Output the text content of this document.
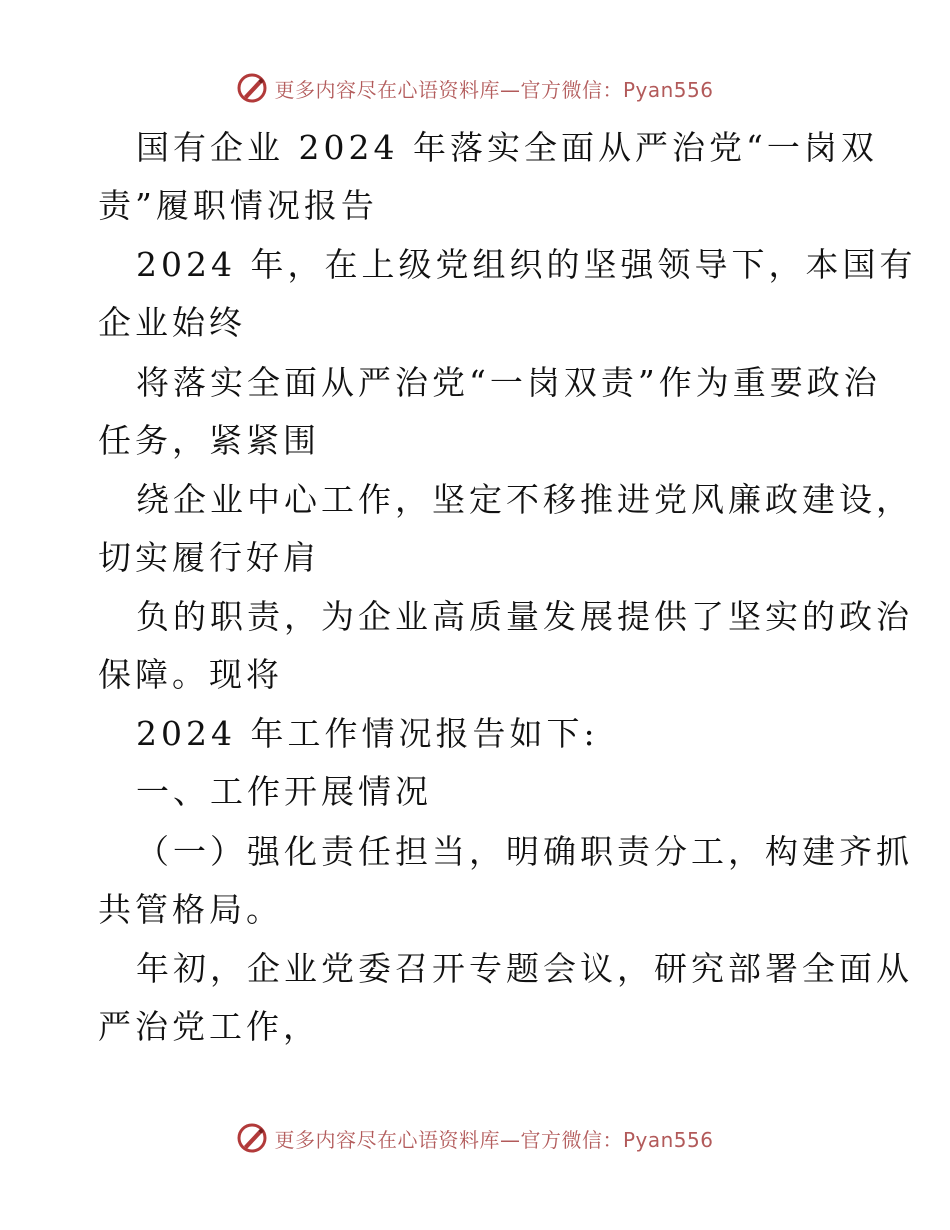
更多内容尽在心语资料库—官方微信：Pyan556
国有企业 2024 年落实全面从严治党“一岗双
责”履职情况报告
2024 年，在上级党组织的坚强领导下，本国有
企业始终
将落实全面从严治党“一岗双责”作为重要政治
任务，紧紧围
绕企业中心工作，坚定不移推进党风廉政建设，
切实履行好肩
负的职责，为企业高质量发展提供了坚实的政治
保障。现将
2024 年工作情况报告如下:
一、工作开展情况
（一）强化责任担当，明确职责分工，构建齐抓
共管格局。
年初，企业党委召开专题会议，研究部署全面从
严治党工作，
更多内容尽在心语资料库—官方微信：Pyan556
